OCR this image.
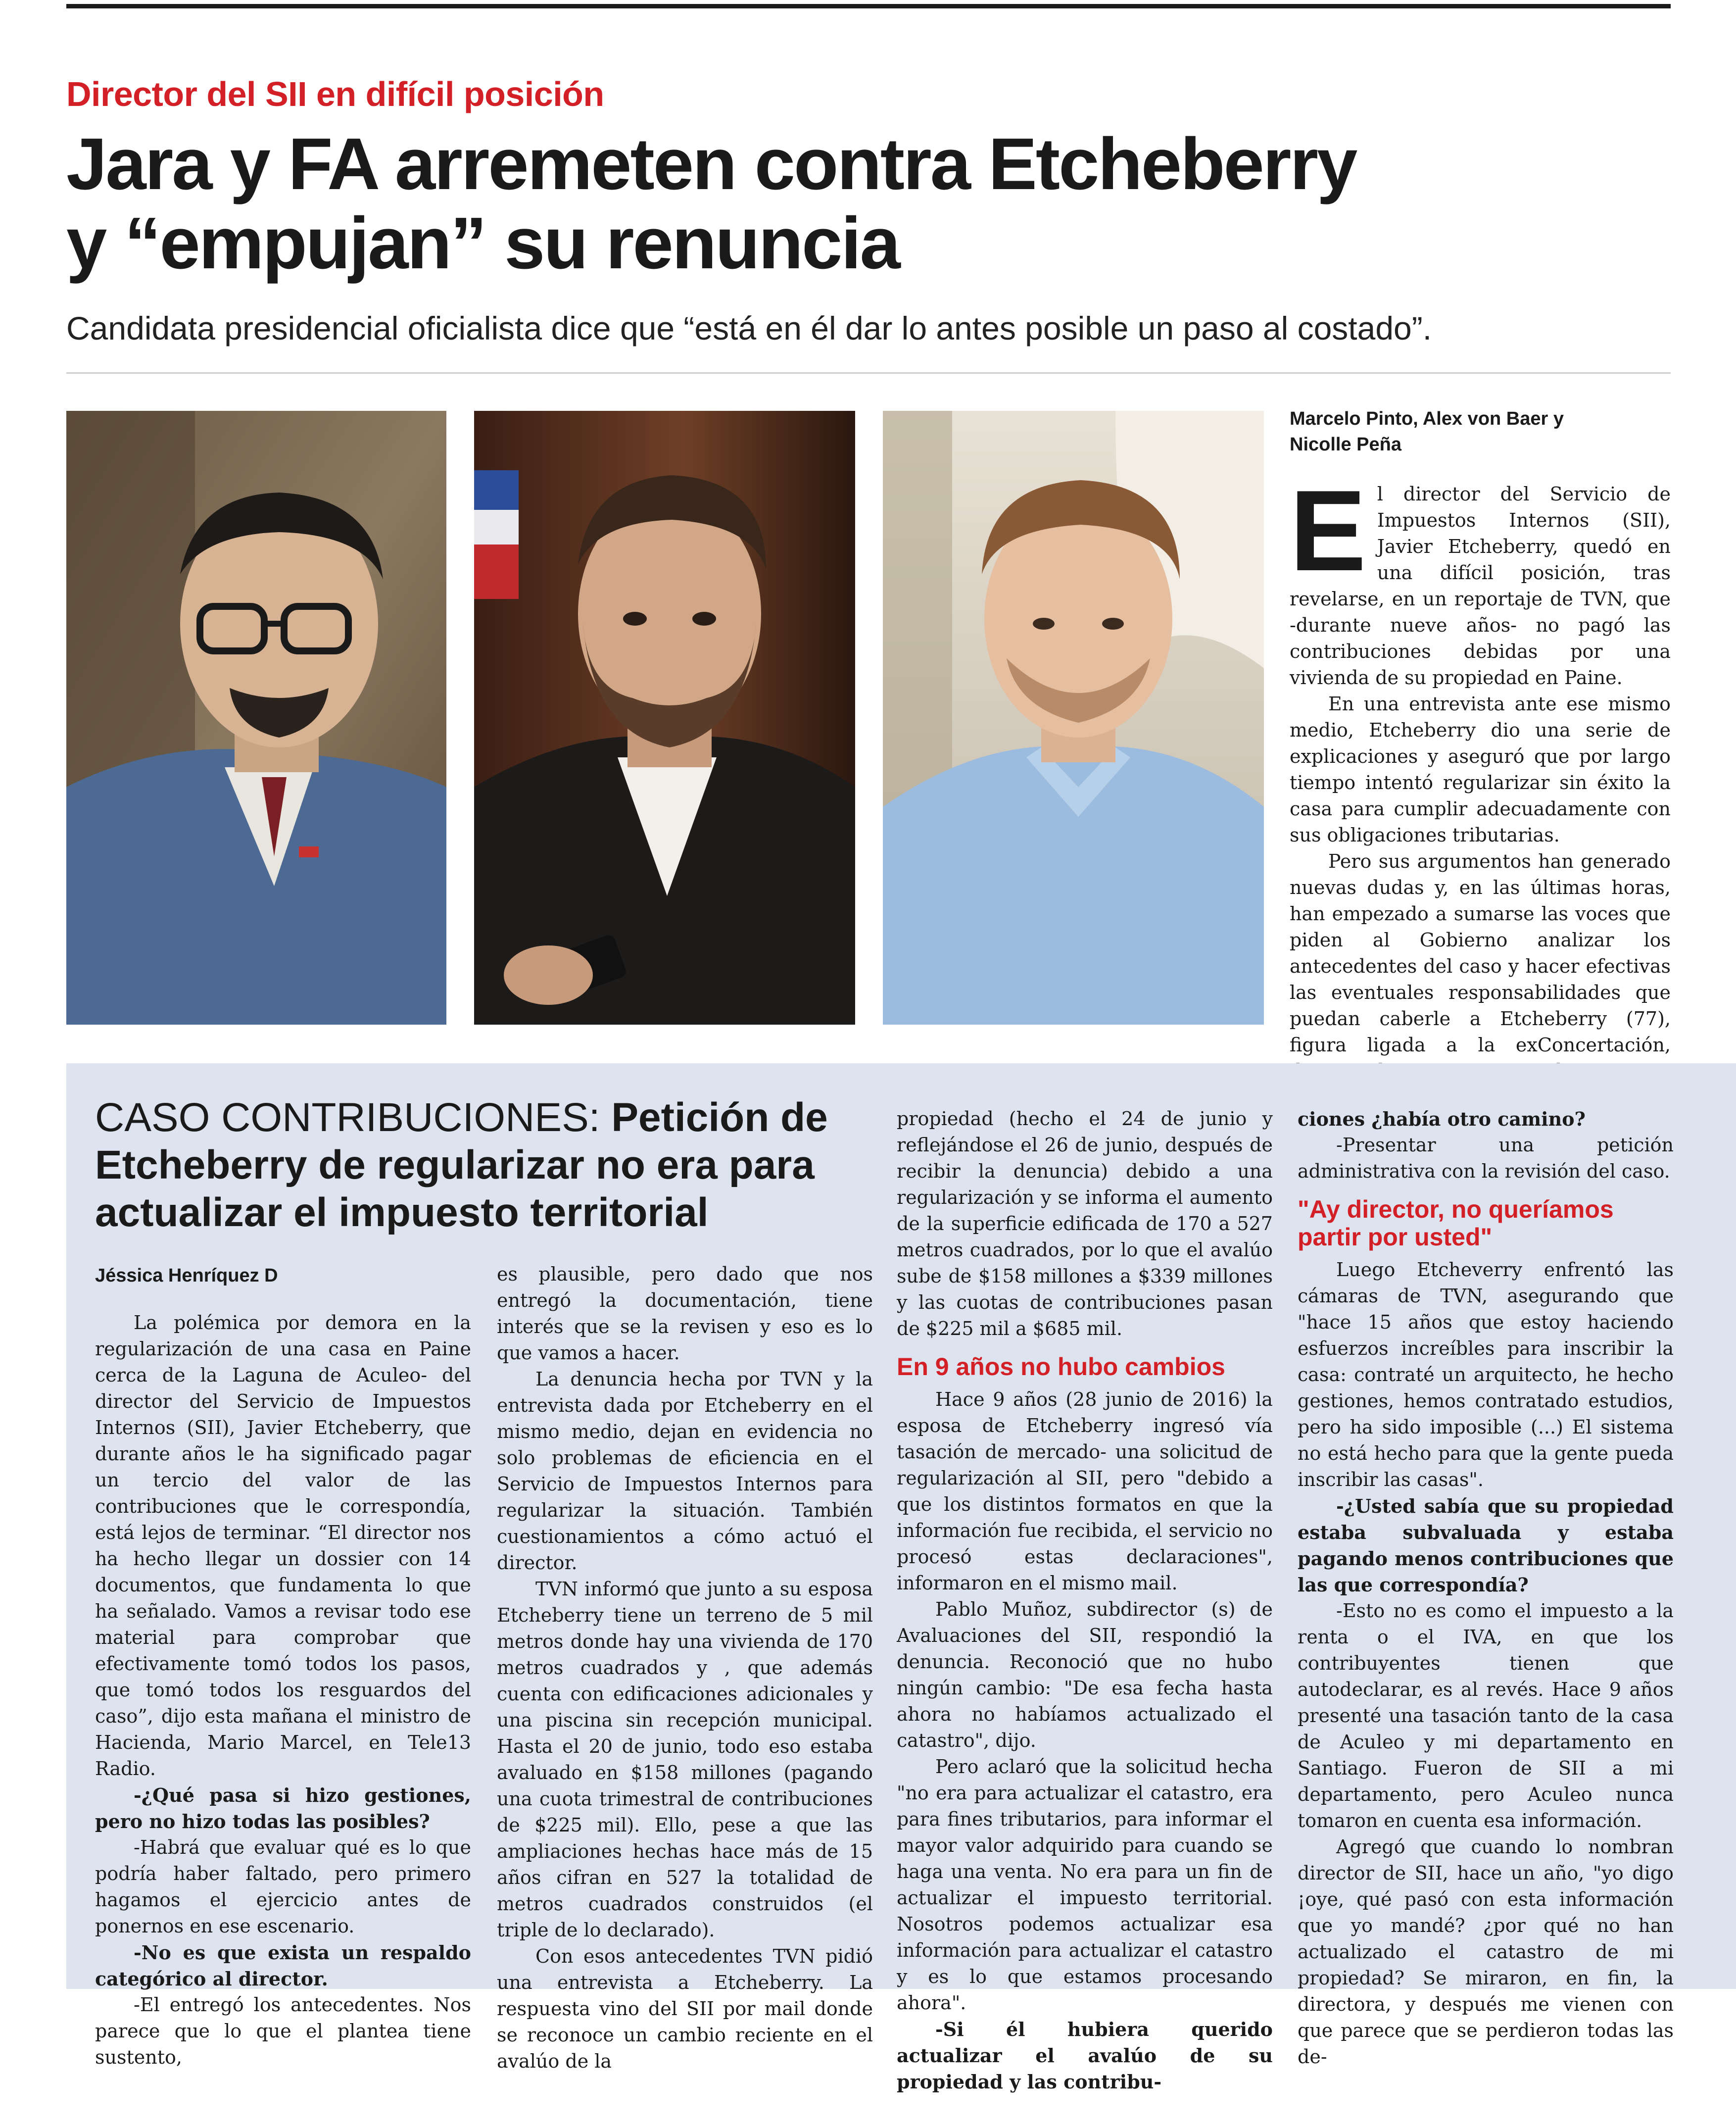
Director del SII en difícil posición
Jara y FA arremeten contra Etcheberry
y “empujan” su renuncia
Candidata presidencial oficialista dice que “está en él dar lo antes posible un paso al costado”.
Marcelo Pinto, Alex von Baer y
Nicolle Peña

El director del Servicio de Impuestos Internos (SII), Javier Etcheberry, quedó en una difícil posición, tras revelarse, en un reportaje de TVN, que -durante nueve años- no pagó las contribuciones debidas por una vivienda de su propiedad en Paine.

En una entrevista ante ese mismo medio, Etcheberry dio una serie de explicaciones y aseguró que por largo tiempo intentó regularizar sin éxito la casa para cumplir adecuadamente con sus obligaciones tributarias.

Pero sus argumentos han generado nuevas dudas y, en las últimas horas, han empezado a sumarse las voces que piden al Gobierno analizar los antecedentes del caso y hacer efectivas las eventuales responsabilidades que puedan caberle a Etcheberry (77), figura ligada a la exConcertación,

CASO CONTRIBUCIONES: Petición de Etcheberry de regularizar no era para actualizar el impuesto territorial
Jéssica Henríquez D

La polémica por demora en la regularización de una casa en Paine cerca de la Laguna de Aculeo- del director del Servicio de Impuestos Internos (SII), Javier Etcheberry, que durante años le ha significado pagar un tercio del valor de las contribuciones que le correspondía, está lejos de terminar. “El director nos ha hecho llegar un dossier con 14 documentos, que fundamenta lo que ha señalado. Vamos a revisar todo ese material para comprobar que efectivamente tomó todos los pasos, que tomó todos los resguardos del caso”, dijo esta mañana el ministro de Hacienda, Mario Marcel, en Tele13 Radio.

-¿Qué pasa si hizo gestiones, pero no hizo todas las posibles?

-Habrá que evaluar qué es lo que podría haber faltado, pero primero hagamos el ejercicio antes de ponernos en ese escenario.

-No es que exista un respaldo categórico al director.

-El entregó los antecedentes. Nos parece que lo que el plantea tiene sustento,

es plausible, pero dado que nos entregó la documentación, tiene interés que se la revisen y eso es lo que vamos a hacer.

La denuncia hecha por TVN y la entrevista dada por Etcheberry en el mismo medio, dejan en evidencia no solo problemas de eficiencia en el Servicio de Impuestos Internos para regularizar la situación. También cuestionamientos a cómo actuó el director.

TVN informó que junto a su esposa Etcheberry tiene un terreno de 5 mil metros donde hay una vivienda de 170 metros cuadrados y , que además cuenta con edificaciones adicionales y una piscina sin recepción municipal. Hasta el 20 de junio, todo eso estaba avaluado en $158 millones (pagando una cuota trimestral de contribuciones de $225 mil). Ello, pese a que las ampliaciones hechas hace más de 15 años cifran en 527 la totalidad de metros cuadrados construidos (el triple de lo declarado).

Con esos antecedentes TVN pidió una entrevista a Etcheberry. La respuesta vino del SII por mail donde se reconoce un cambio reciente en el avalúo de la

propiedad (hecho el 24 de junio y reflejándose el 26 de junio, después de recibir la denuncia) debido a una regularización y se informa el aumento de la superficie edificada de 170 a 527 metros cuadrados, por lo que el avalúo sube de $158 millones a $339 millones y las cuotas de contribuciones pasan de $225 mil a $685 mil.

En 9 años no hubo cambios

Hace 9 años (28 junio de 2016) la esposa de Etcheberry ingresó vía tasación de mercado- una solicitud de regularización al SII, pero "debido a que los distintos formatos en que la información fue recibida, el servicio no procesó estas declaraciones", informaron en el mismo mail.

Pablo Muñoz, subdirector (s) de Avaluaciones del SII, respondió la denuncia. Reconoció que no hubo ningún cambio: "De esa fecha hasta ahora no habíamos actualizado el catastro", dijo.

Pero aclaró que la solicitud hecha "no era para actualizar el catastro, era para fines tributarios, para informar el mayor valor adquirido para cuando se haga una venta. No era para un fin de actualizar el impuesto territorial. Nosotros podemos actualizar esa información para actualizar el catastro y es lo que estamos procesando ahora".

-Si él hubiera querido actualizar el avalúo de su propiedad y las contribu-

ciones ¿había otro camino?

-Presentar una petición administrativa con la revisión del caso.

"Ay director, no queríamos partir por usted"

Luego Etcheverry enfrentó las cámaras de TVN, asegurando que "hace 15 años que estoy haciendo esfuerzos increíbles para inscribir la casa: contraté un arquitecto, he hecho gestiones, hemos contratado estudios, pero ha sido imposible (...) El sistema no está hecho para que la gente pueda inscribir las casas".

-¿Usted sabía que su propiedad estaba subvaluada y estaba pagando menos contribuciones que las que correspondía?

-Esto no es como el impuesto a la renta o el IVA, en que los contribuyentes tienen que autodeclarar, es al revés. Hace 9 años presenté una tasación tanto de la casa de Aculeo y mi departamento en Santiago. Fueron de SII a mi departamento, pero Aculeo nunca tomaron en cuenta esa información.

Agregó que cuando lo nombran director de SII, hace un año, "yo digo ¡oye, qué pasó con esta información que yo mandé? ¿por qué no han actualizado el catastro de mi propiedad? Se miraron, en fin, la directora, y después me vienen con que parece que se perdieron todas las de-
